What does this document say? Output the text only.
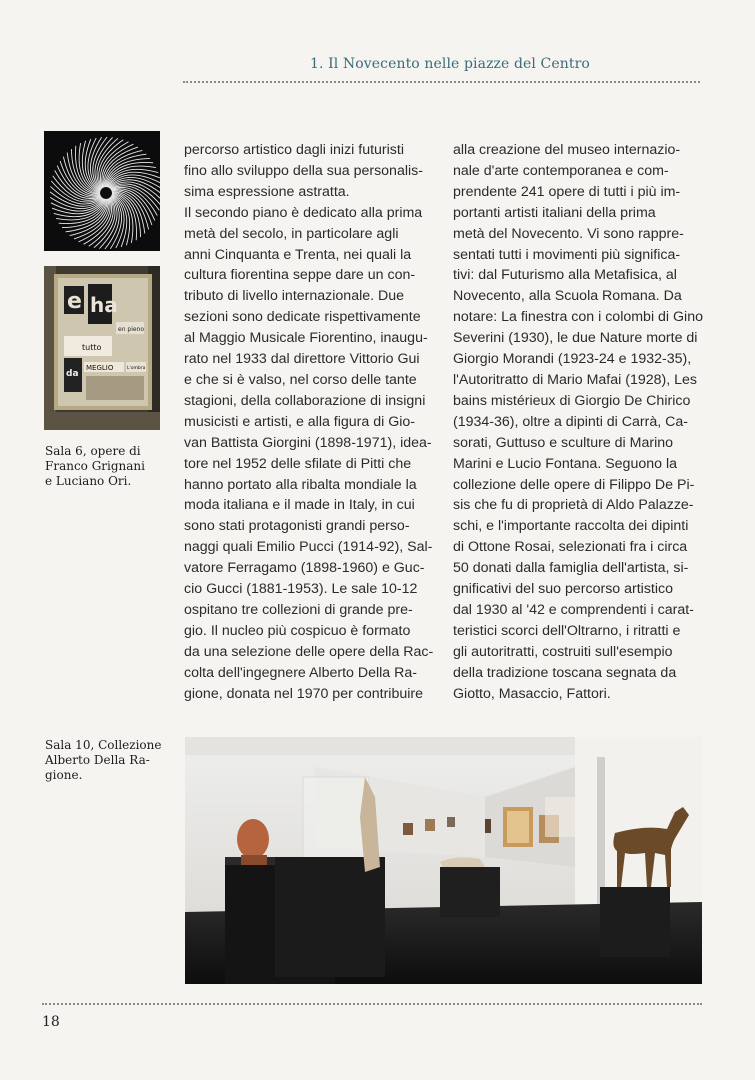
1. Il Novecento nelle piazze del Centro
e ha
en pieno
tutto
da
MEGLIO	L'ombra
Sala 6, opere di
Franco Grignani
e Luciano Ori.

percorso artistico dagli inizi futuristi
fino allo sviluppo della sua personalis-
sima espressione astratta.
Il secondo piano è dedicato alla prima
metà del secolo, in particolare agli
anni Cinquanta e Trenta, nei quali la
cultura fiorentina seppe dare un con-
tributo di livello internazionale. Due
sezioni sono dedicate rispettivamente
al Maggio Musicale Fiorentino, inaugu-
rato nel 1933 dal direttore Vittorio Gui
e che si è valso, nel corso delle tante
stagioni, della collaborazione di insigni
musicisti e artisti, e alla figura di Gio-
van Battista Giorgini (1898-1971), idea-
tore nel 1952 delle sfilate di Pitti che
hanno portato alla ribalta mondiale la
moda italiana e il made in Italy, in cui
sono stati protagonisti grandi perso-
naggi quali Emilio Pucci (1914-92), Sal-
vatore Ferragamo (1898-1960) e Guc-
cio Gucci (1881-1953). Le sale 10-12
ospitano tre collezioni di grande pre-
gio. Il nucleo più cospicuo è formato
da una selezione delle opere della Rac-
colta dell'ingegnere Alberto Della Ra-
gione, donata nel 1970 per contribuire

alla creazione del museo internazio-
nale d'arte contemporanea e com-
prendente 241 opere di tutti i più im-
portanti artisti italiani della prima
metà del Novecento. Vi sono rappre-
sentati tutti i movimenti più significa-
tivi: dal Futurismo alla Metafisica, al
Novecento, alla Scuola Romana. Da
notare: La finestra con i colombi di Gino
Severini (1930), le due Nature morte di
Giorgio Morandi (1923-24 e 1932-35),
l'Autoritratto di Mario Mafai (1928), Les
bains mistérieux di Giorgio De Chirico
(1934-36), oltre a dipinti di Carrà, Ca-
sorati, Guttuso e sculture di Marino
Marini e Lucio Fontana. Seguono la
collezione delle opere di Filippo De Pi-
sis che fu di proprietà di Aldo Palazze-
schi, e l'importante raccolta dei dipinti
di Ottone Rosai, selezionati fra i circa
50 donati dalla famiglia dell'artista, si-
gnificativi del suo percorso artistico
dal 1930 al '42 e comprendenti i carat-
teristici scorci dell'Oltrarno, i ritratti e
gli autoritratti, costruiti sull'esempio
della tradizione toscana segnata da
Giotto, Masaccio, Fattori.

Sala 10, Collezione
Alberto Della Ra-
gione.
18
